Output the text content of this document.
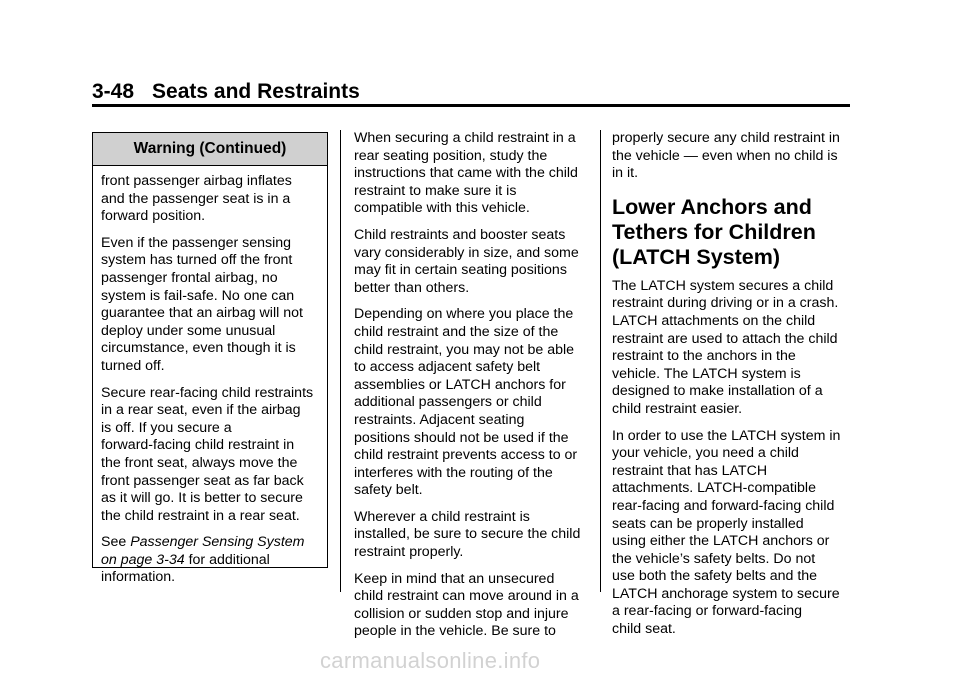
3-48 Seats and Restraints
Warning (Continued)
front passenger airbag inflates
and the passenger seat is in a
forward position.
Even if the passenger sensing
system has turned off the front
passenger frontal airbag, no
system is fail-safe. No one can
guarantee that an airbag will not
deploy under some unusual
circumstance, even though it is
turned off.
Secure rear-facing child restraints
in a rear seat, even if the airbag
is off. If you secure a
forward-facing child restraint in
the front seat, always move the
front passenger seat as far back
as it will go. It is better to secure
the child restraint in a rear seat.
See Passenger Sensing System
on page 3-34 for additional
information.
When securing a child restraint in a
rear seating position, study the
instructions that came with the child
restraint to make sure it is
compatible with this vehicle.
Child restraints and booster seats
vary considerably in size, and some
may fit in certain seating positions
better than others.
Depending on where you place the
child restraint and the size of the
child restraint, you may not be able
to access adjacent safety belt
assemblies or LATCH anchors for
additional passengers or child
restraints. Adjacent seating
positions should not be used if the
child restraint prevents access to or
interferes with the routing of the
safety belt.
Wherever a child restraint is
installed, be sure to secure the child
restraint properly.
Keep in mind that an unsecured
child restraint can move around in a
collision or sudden stop and injure
people in the vehicle. Be sure to
properly secure any child restraint in
the vehicle — even when no child is
in it.
Lower Anchors and
Tethers for Children
(LATCH System)
The LATCH system secures a child
restraint during driving or in a crash.
LATCH attachments on the child
restraint are used to attach the child
restraint to the anchors in the
vehicle. The LATCH system is
designed to make installation of a
child restraint easier.
In order to use the LATCH system in
your vehicle, you need a child
restraint that has LATCH
attachments. LATCH-compatible
rear-facing and forward-facing child
seats can be properly installed
using either the LATCH anchors or
the vehicle’s safety belts. Do not
use both the safety belts and the
LATCH anchorage system to secure
a rear-facing or forward-facing
child seat.
carmanualsonline.info
